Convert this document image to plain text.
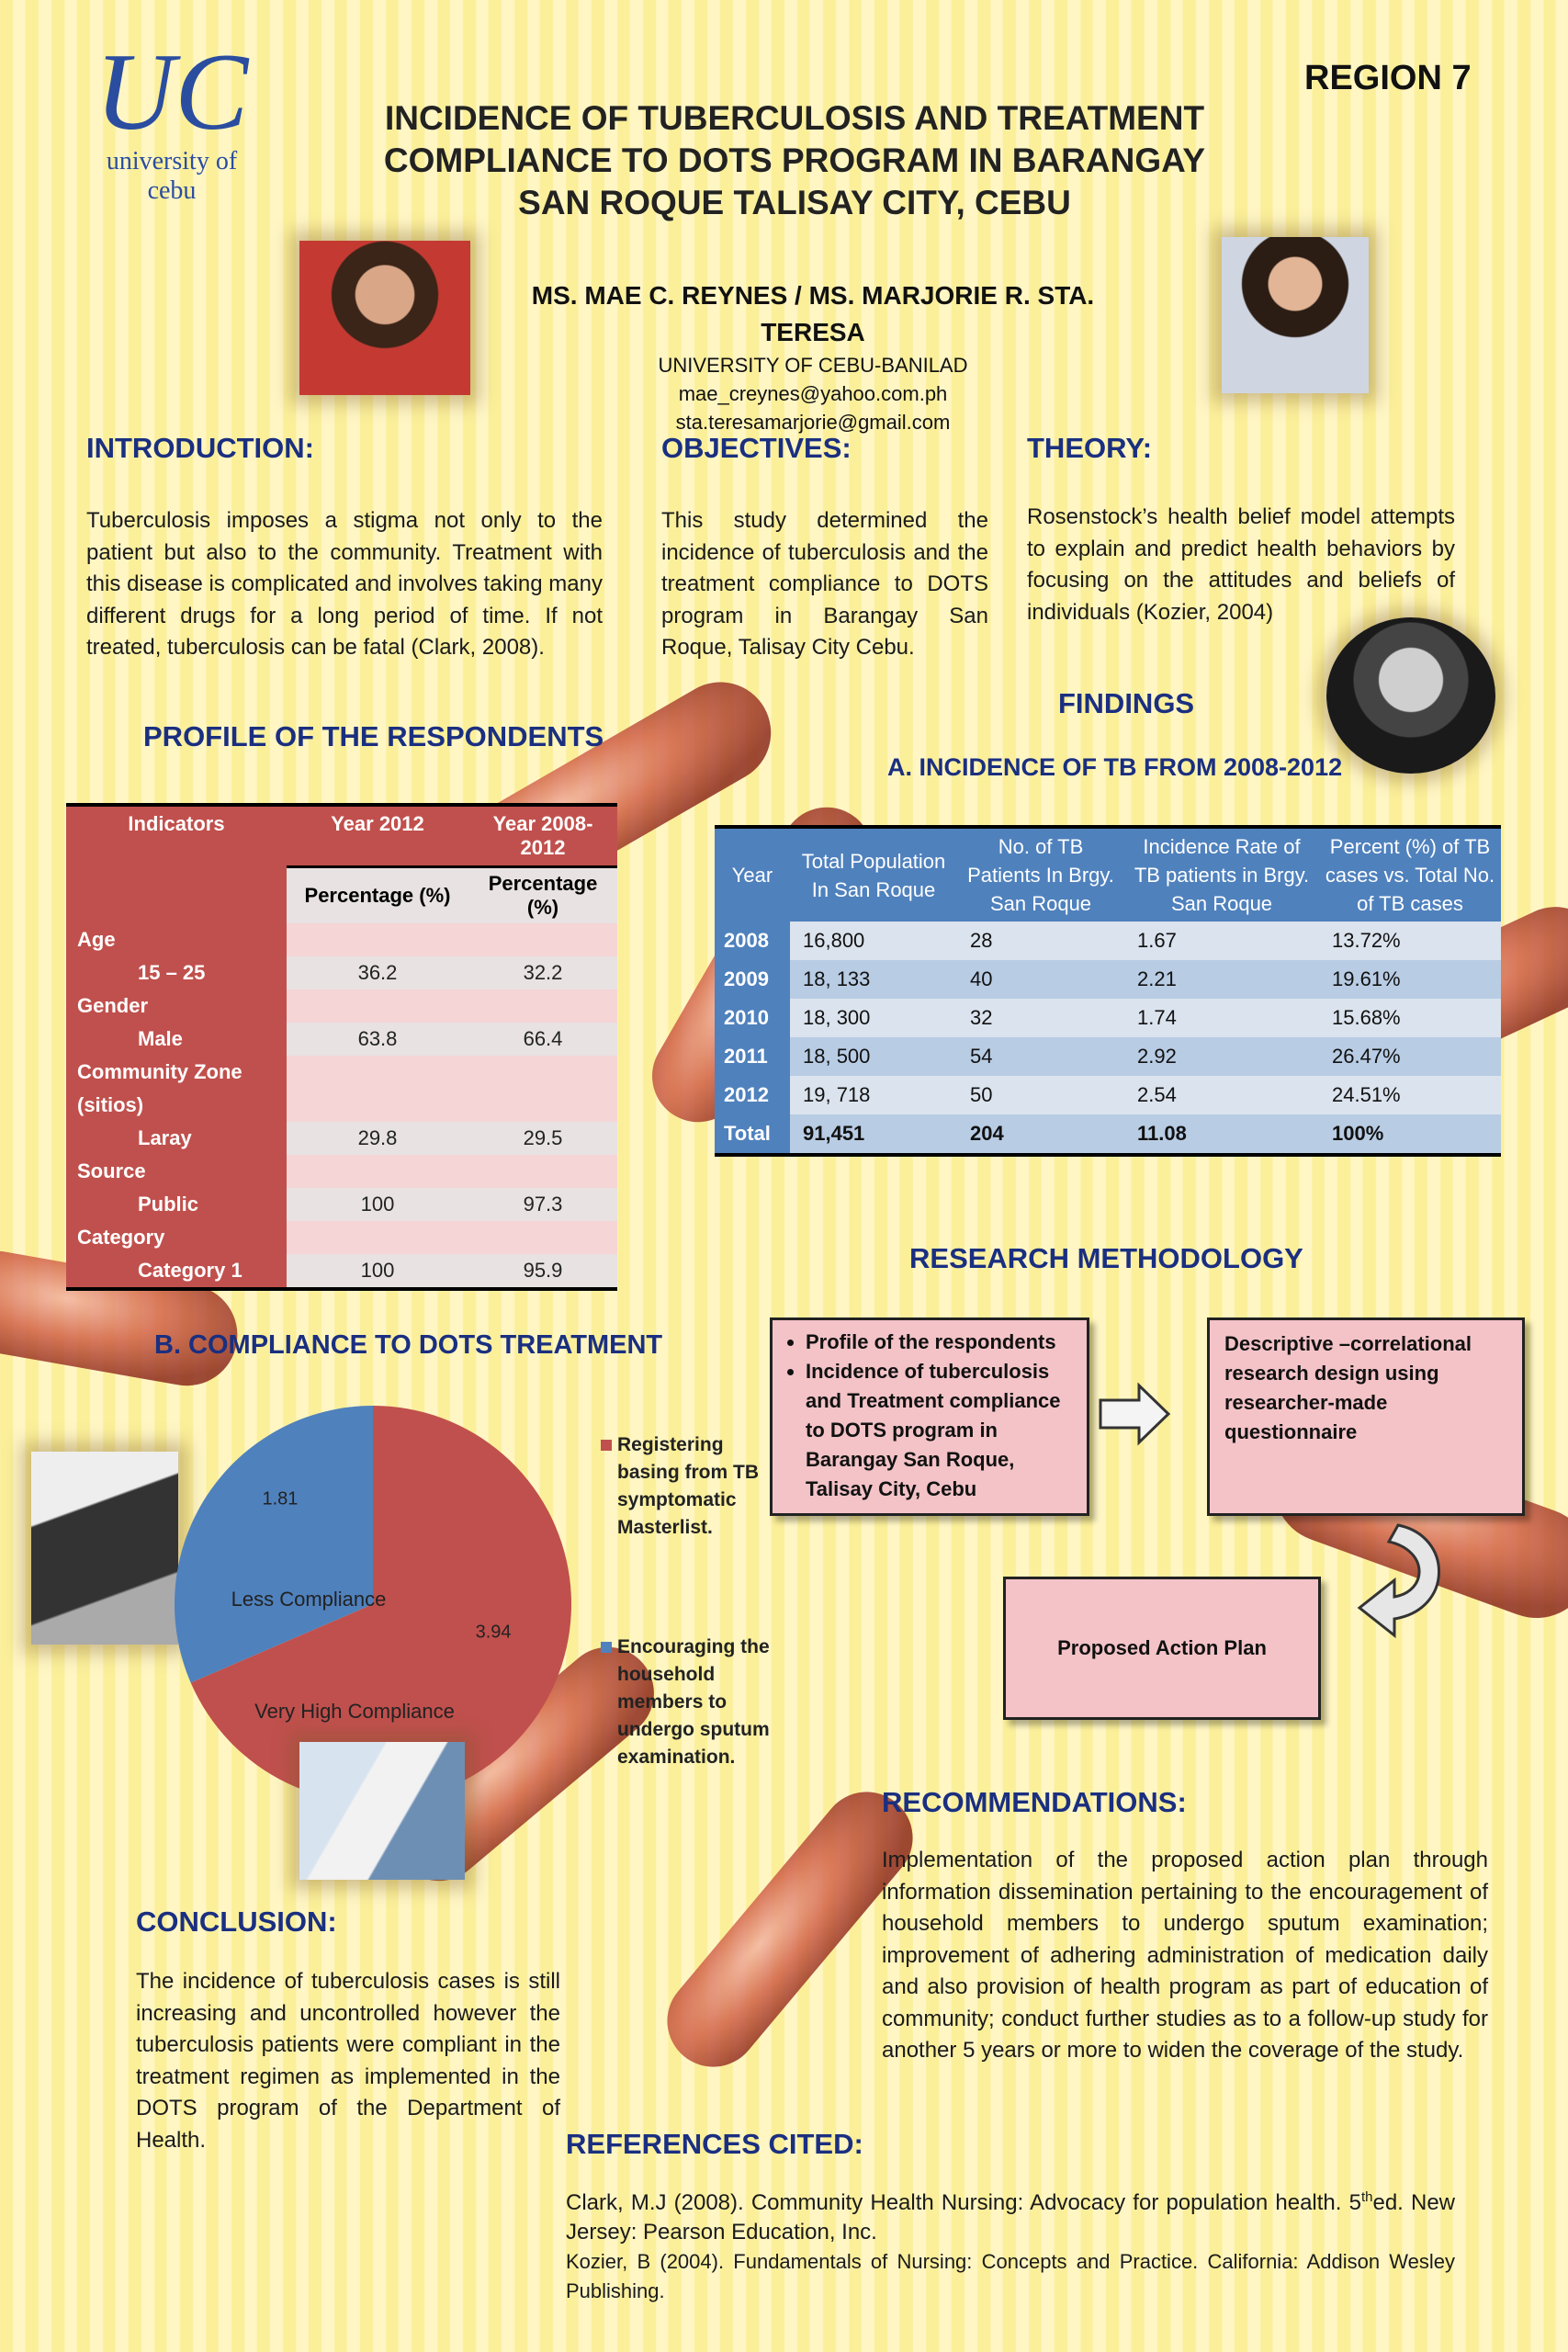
UC
university of cebu
REGION 7
INCIDENCE OF TUBERCULOSIS AND TREATMENT
COMPLIANCE TO DOTS PROGRAM IN BARANGAY
SAN ROQUE TALISAY CITY, CEBU
MS. MAE C. REYNES / MS. MARJORIE R. STA. TERESA
UNIVERSITY OF CEBU-BANILAD
mae_creynes@yahoo.com.ph
sta.teresamarjorie@gmail.com
INTRODUCTION:
Tuberculosis imposes a stigma not only to the patient but also to the community. Treatment with this disease is complicated and involves taking many different drugs for a long period of time. If not treated, tuberculosis can be fatal (Clark, 2008).
OBJECTIVES:
This study determined the incidence of tuberculosis and the treatment compliance to DOTS program in Barangay San Roque, Talisay City Cebu.
THEORY:
Rosenstock’s health belief model attempts to explain and predict health behaviors by focusing on the attitudes and beliefs of individuals (Kozier, 2004)
FINDINGS
PROFILE OF THE RESPONDENTS
Indicators	Year 2012	Year 2008-2012
	Percentage (%)	Percentage (%)
Age		
15 – 25	36.2	32.2
Gender		
Male	63.8	66.4
Community Zone		
(sitios)		
Laray	29.8	29.5
Source		
Public	100	97.3
Category		
Category 1	100	95.9
A. INCIDENCE OF TB FROM 2008-2012
Year	Total Population In San Roque	No. of TB Patients In Brgy. San Roque	Incidence Rate of TB patients in Brgy. San Roque	Percent (%) of TB cases vs. Total No. of TB cases
2008	16,800	28	1.67	13.72%
2009	18, 133	40	2.21	19.61%
2010	18, 300	32	1.74	15.68%
2011	18, 500	54	2.92	26.47%
2012	19, 718	50	2.54	24.51%
Total	91,451	204	11.08	100%
RESEARCH METHODOLOGY
• Profile of the respondents
• Incidence of tuberculosis and Treatment compliance to DOTS program in Barangay San Roque, Talisay City, Cebu
Descriptive –correlational research design using researcher-made questionnaire
Proposed Action Plan
B. COMPLIANCE TO DOTS TREATMENT
3.94
Very High Compliance
1.81
Less Compliance
Registering basing from TB symptomatic Masterlist.
Encouraging the household members to undergo sputum examination.
RECOMMENDATIONS:
Implementation of the proposed action plan through information dissemination pertaining to the encouragement of household members to undergo sputum examination; improvement of adhering administration of medication daily and also provision of health program as part of education of community; conduct further studies as to a follow-up study for another 5 years or more to widen the coverage of the study.
CONCLUSION:
The incidence of tuberculosis cases is still increasing and uncontrolled however the tuberculosis patients were compliant in the treatment regimen as implemented in the DOTS program of the Department of Health.	REFERENCES CITED:
Clark, M.J (2008). Community Health Nursing: Advocacy for population health. 5thed. New Jersey: Pearson Education, Inc.
Kozier, B (2004). Fundamentals of Nursing: Concepts and Practice. California: Addison Wesley Publishing.
